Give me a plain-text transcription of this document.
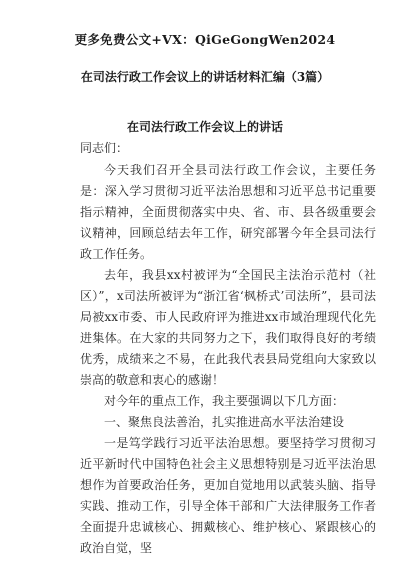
更多免费公文+VX：QiGeGongWen2024
在司法行政工作会议上的讲话材料汇编（3篇）
在司法行政工作会议上的讲话

同志们：

今天我们召开全县司法行政工作会议，主要任务是：深入学习贯彻习近平法治思想和习近平总书记重要指示精神，全面贯彻落实中央、省、市、县各级重要会议精神，回顾总结去年工作，研究部署今年全县司法行政工作任务。

去年，我县xx村被评为“全国民主法治示范村（社区）”，x司法所被评为“浙江省‘枫桥式’司法所”，县司法局被xx市委、市人民政府评为推进xx市域治理现代化先进集体。在大家的共同努力之下，我们取得良好的考绩优秀，成绩来之不易，在此我代表县局党组向大家致以崇高的敬意和衷心的感谢！

对今年的重点工作，我主要强调以下几方面：

一、聚焦良法善治，扎实推进高水平法治建设

一是笃学践行习近平法治思想。要坚持学习贯彻习近平新时代中国特色社会主义思想特别是习近平法治思想作为首要政治任务，更加自觉地用以武装头脑、指导实践、推动工作，引导全体干部和广大法律服务工作者全面提升忠诚核心、拥戴核心、维护核心、紧跟核心的政治自觉，坚
